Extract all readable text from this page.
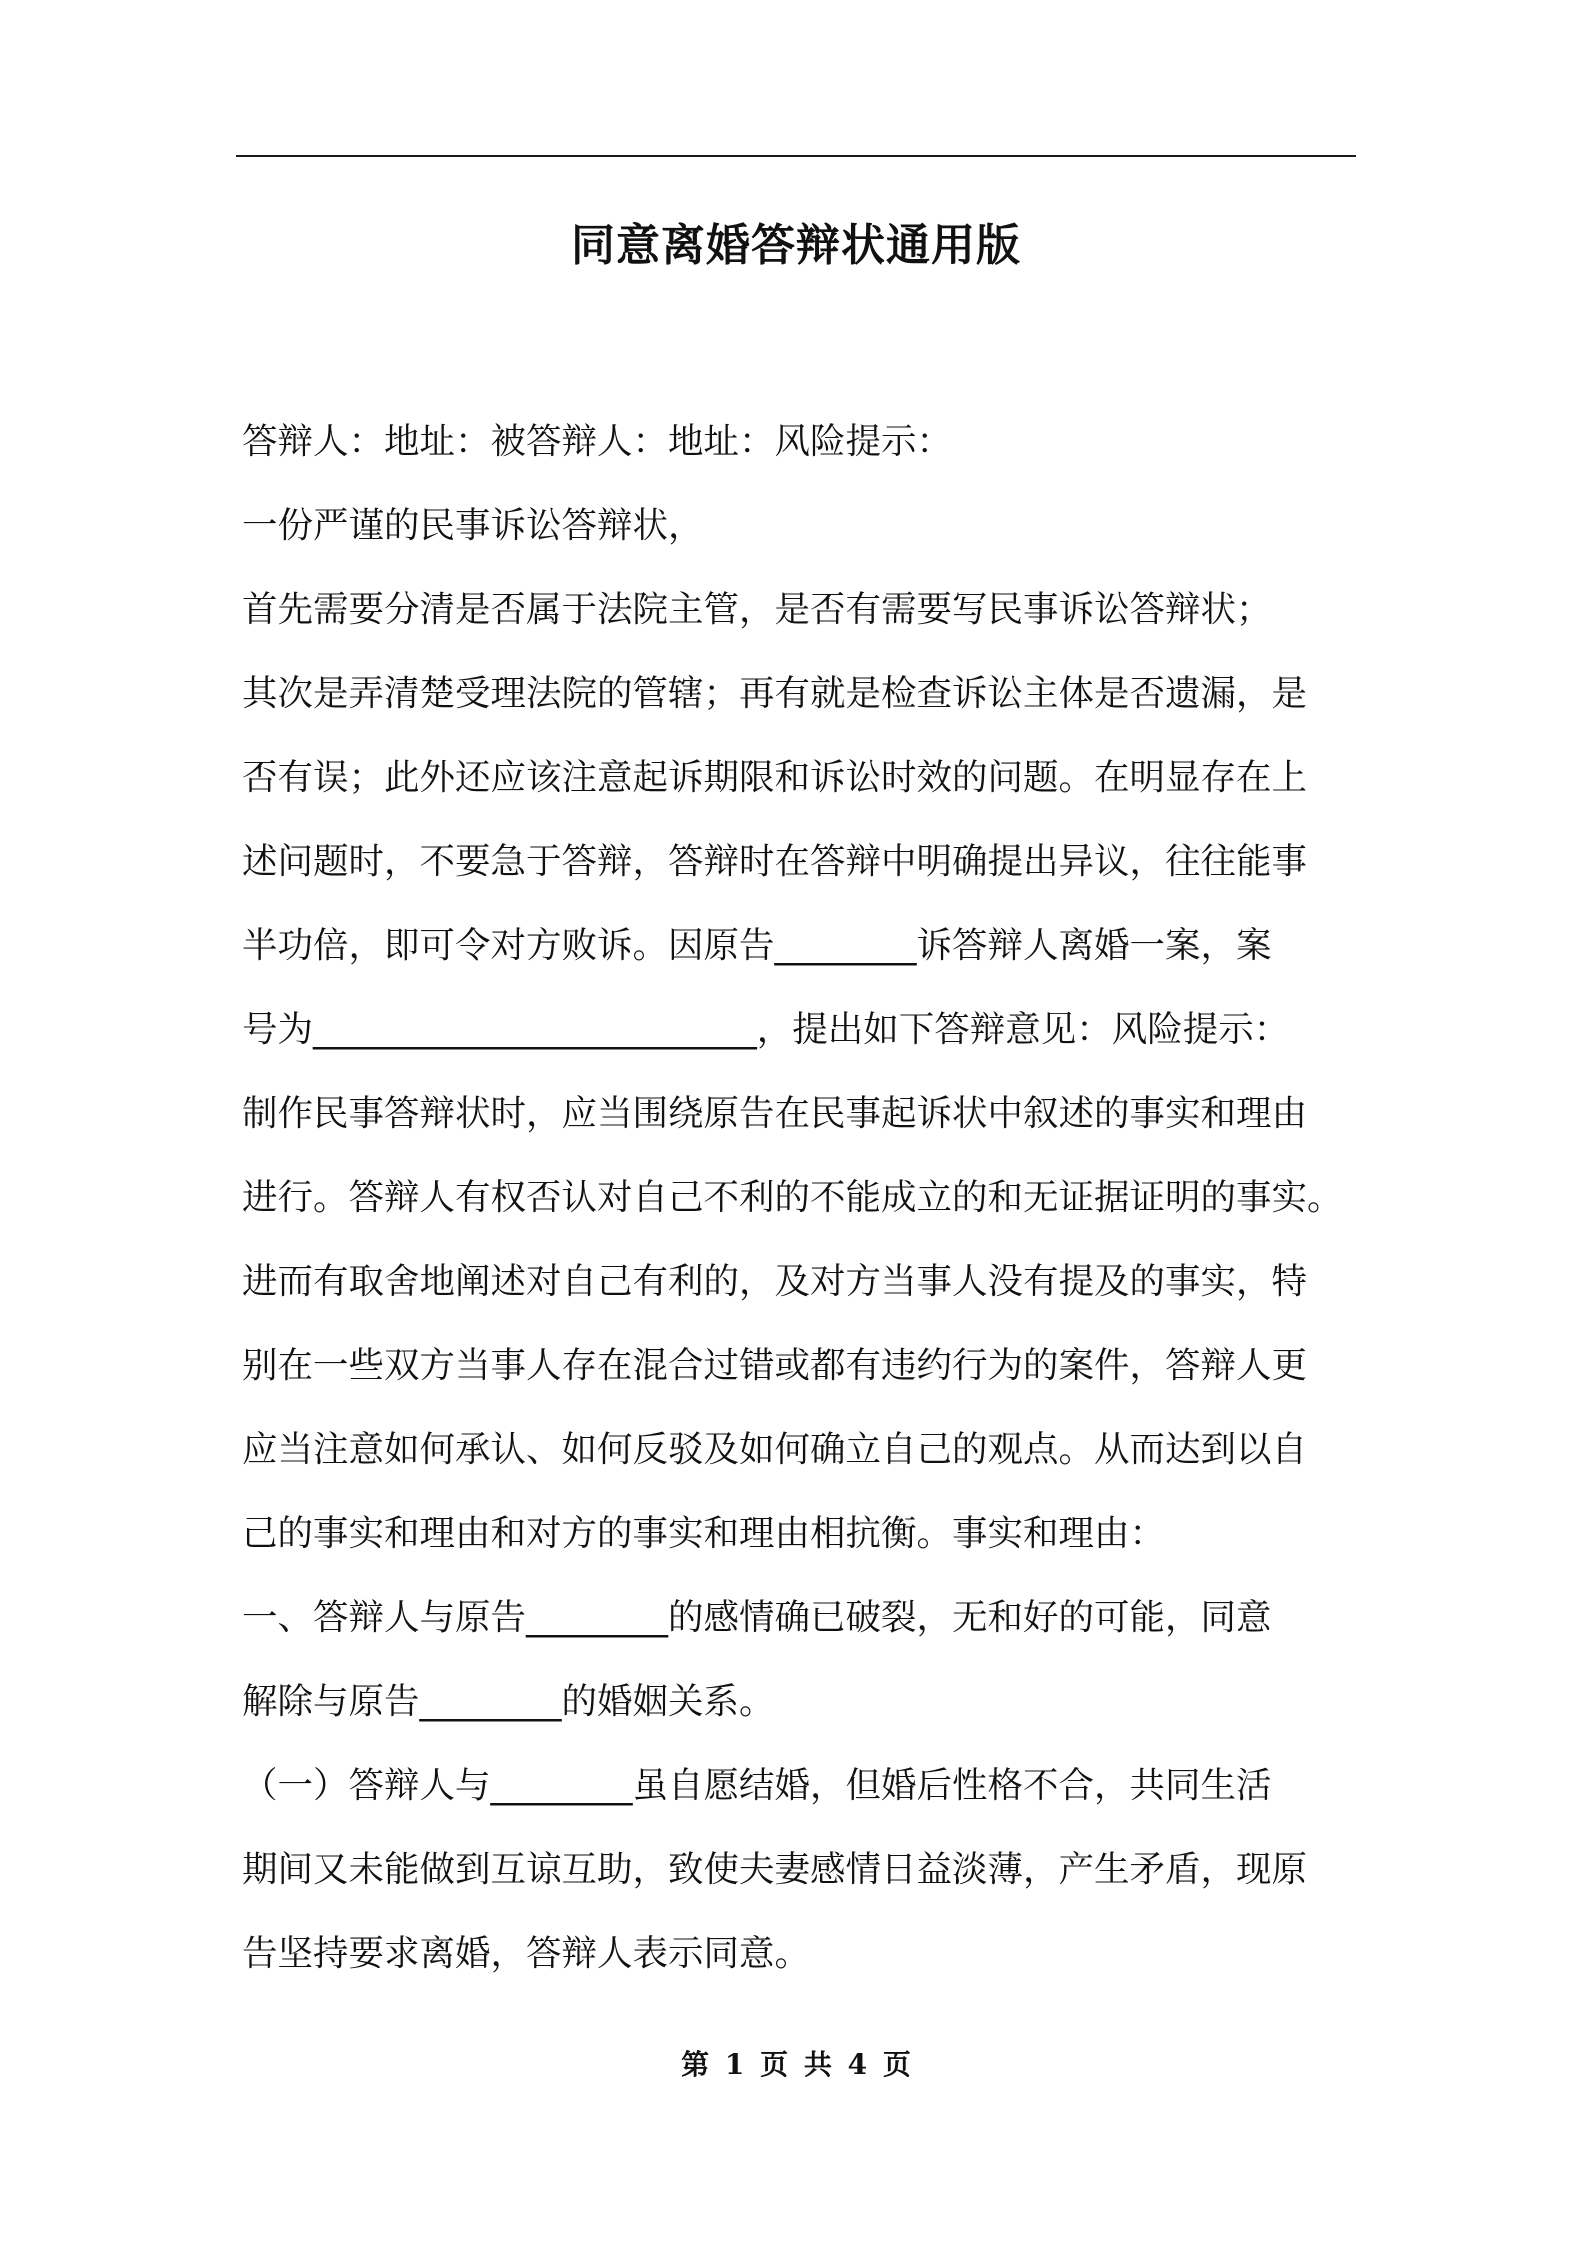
同意离婚答辩状通用版
答辩人：地址：被答辩人：地址：风险提示：
一份严谨的民事诉讼答辩状，
首先需要分清是否属于法院主管，是否有需要写民事诉讼答辩状；
其次是弄清楚受理法院的管辖；再有就是检查诉讼主体是否遗漏，是
否有误；此外还应该注意起诉期限和诉讼时效的问题。在明显存在上
述问题时，不要急于答辩，答辩时在答辩中明确提出异议，往往能事
半功倍，即可令对方败诉。因原告________诉答辩人离婚一案，案
号为_________________________，提出如下答辩意见：风险提示：
制作民事答辩状时，应当围绕原告在民事起诉状中叙述的事实和理由
进行。答辩人有权否认对自己不利的不能成立的和无证据证明的事实。
进而有取舍地阐述对自己有利的，及对方当事人没有提及的事实，特
别在一些双方当事人存在混合过错或都有违约行为的案件，答辩人更
应当注意如何承认、如何反驳及如何确立自己的观点。从而达到以自
己的事实和理由和对方的事实和理由相抗衡。事实和理由：
一、答辩人与原告________的感情确已破裂，无和好的可能，同意
解除与原告________的婚姻关系。
（一）答辩人与________虽自愿结婚，但婚后性格不合，共同生活
期间又未能做到互谅互助，致使夫妻感情日益淡薄，产生矛盾，现原
告坚持要求离婚，答辩人表示同意。
第 1 页 共 4 页
